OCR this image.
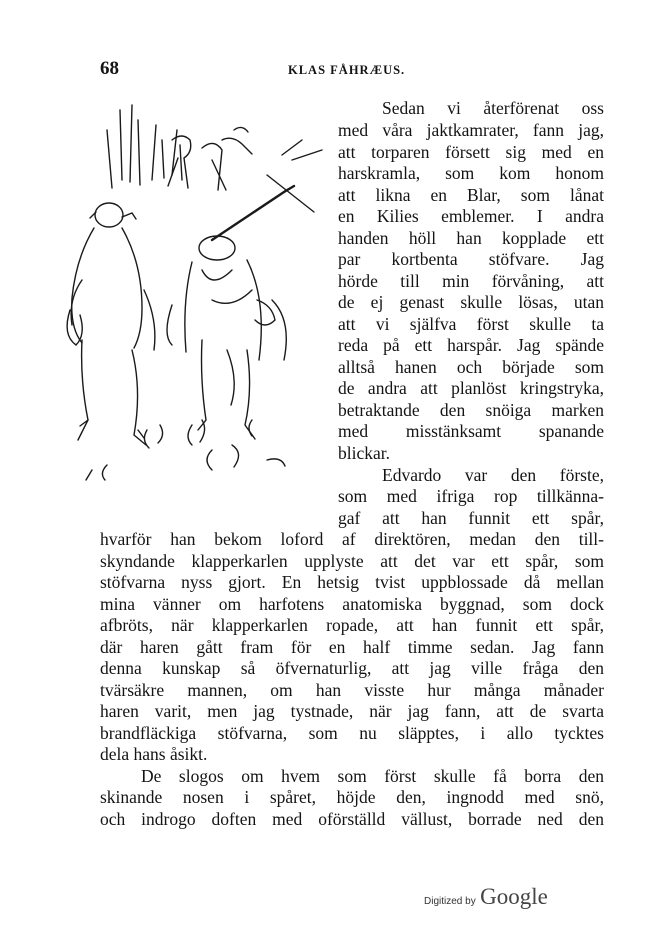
68	KLAS FÅHRÆUS.
Sedan vi återförenat oss
med våra jaktkamrater, fann jag,
att torparen försett sig med en
harskramla, som kom honom
att likna en Blar, som lånat
en Kilies emblemer. I andra
handen höll han kopplade ett
par kortbenta stöfvare. Jag
hörde till min förvåning, att
de ej genast skulle lösas, utan
att vi själfva först skulle ta
reda på ett harspår. Jag spände
alltså hanen och började som
de andra att planlöst kringstryka,
betraktande den snöiga marken
med misstänksamt spanande
blickar.
Edvardo var den förste,
som med ifriga rop tillkänna-
gaf att han funnit ett spår,
hvarför han bekom loford af direktören, medan den till-
skyndande klapperkarlen upplyste att det var ett spår, som
stöfvarna nyss gjort. En hetsig tvist uppblossade då mellan
mina vänner om harfotens anatomiska byggnad, som dock
afbröts, när klapperkarlen ropade, att han funnit ett spår,
där haren gått fram för en half timme sedan. Jag fann
denna kunskap så öfvernaturlig, att jag ville fråga den
tvärsäkre mannen, om han visste hur många månader
haren varit, men jag tystnade, när jag fann, att de svarta
brandfläckiga stöfvarna, som nu släpptes, i allo tycktes
dela hans åsikt.
De slogos om hvem som först skulle få borra den
skinande nosen i spåret, höjde den, ingnodd med snö,
och indrogo doften med oförställd vällust, borrade ned den
Digitized by Google
